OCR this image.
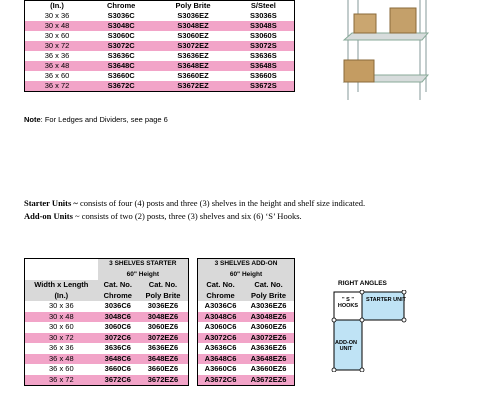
(In.)	Chrome	Poly Brite	S/Steel
30 x 36	S3036C	S3036EZ	S3036S
30 x 48	S3048C	S3048EZ	S3048S
30 x 60	S3060C	S3060EZ	S3060S
30 x 72	S3072C	S3072EZ	S3072S
36 x 36	S3636C	S3636EZ	S3636S
36 x 48	S3648C	S3648EZ	S3648S
36 x 60	S3660C	S3660EZ	S3660S
36 x 72	S3672C	S3672EZ	S3672S
Note: For Ledges and Dividers, see page 6
Starter Units ~ consists of four (4) posts and three (3) shelves in the height and shelf size indicated.
Add-on Units ~ consists of two (2) posts, three (3) shelves and six (6) ‘S’ Hooks.
	3 SHELVES STARTER	
	60" Height	
Width x Length	Cat. No.	Cat. No.
(In.)	Chrome	Poly Brite
30 x 36	3036C6	3036EZ6
30 x 48	3048C6	3048EZ6
30 x 60	3060C6	3060EZ6
30 x 72	3072C6	3072EZ6
36 x 36	3636C6	3636EZ6
36 x 48	3648C6	3648EZ6
36 x 60	3660C6	3660EZ6
36 x 72	3672C6	3672EZ6
3 SHELVES ADD-ON	
60" Height	
Cat. No.	Cat. No.
Chrome	Poly Brite
A3036C6	A3036EZ6
A3048C6	A3048EZ6
A3060C6	A3060EZ6
A3072C6	A3072EZ6
A3636C6	A3636EZ6
A3648C6	A3648EZ6
A3660C6	A3660EZ6
A3672C6	A3672EZ6
RIGHT ANGLES
" S " HOOKS
STARTER UNIT
ADD-ON UNIT
